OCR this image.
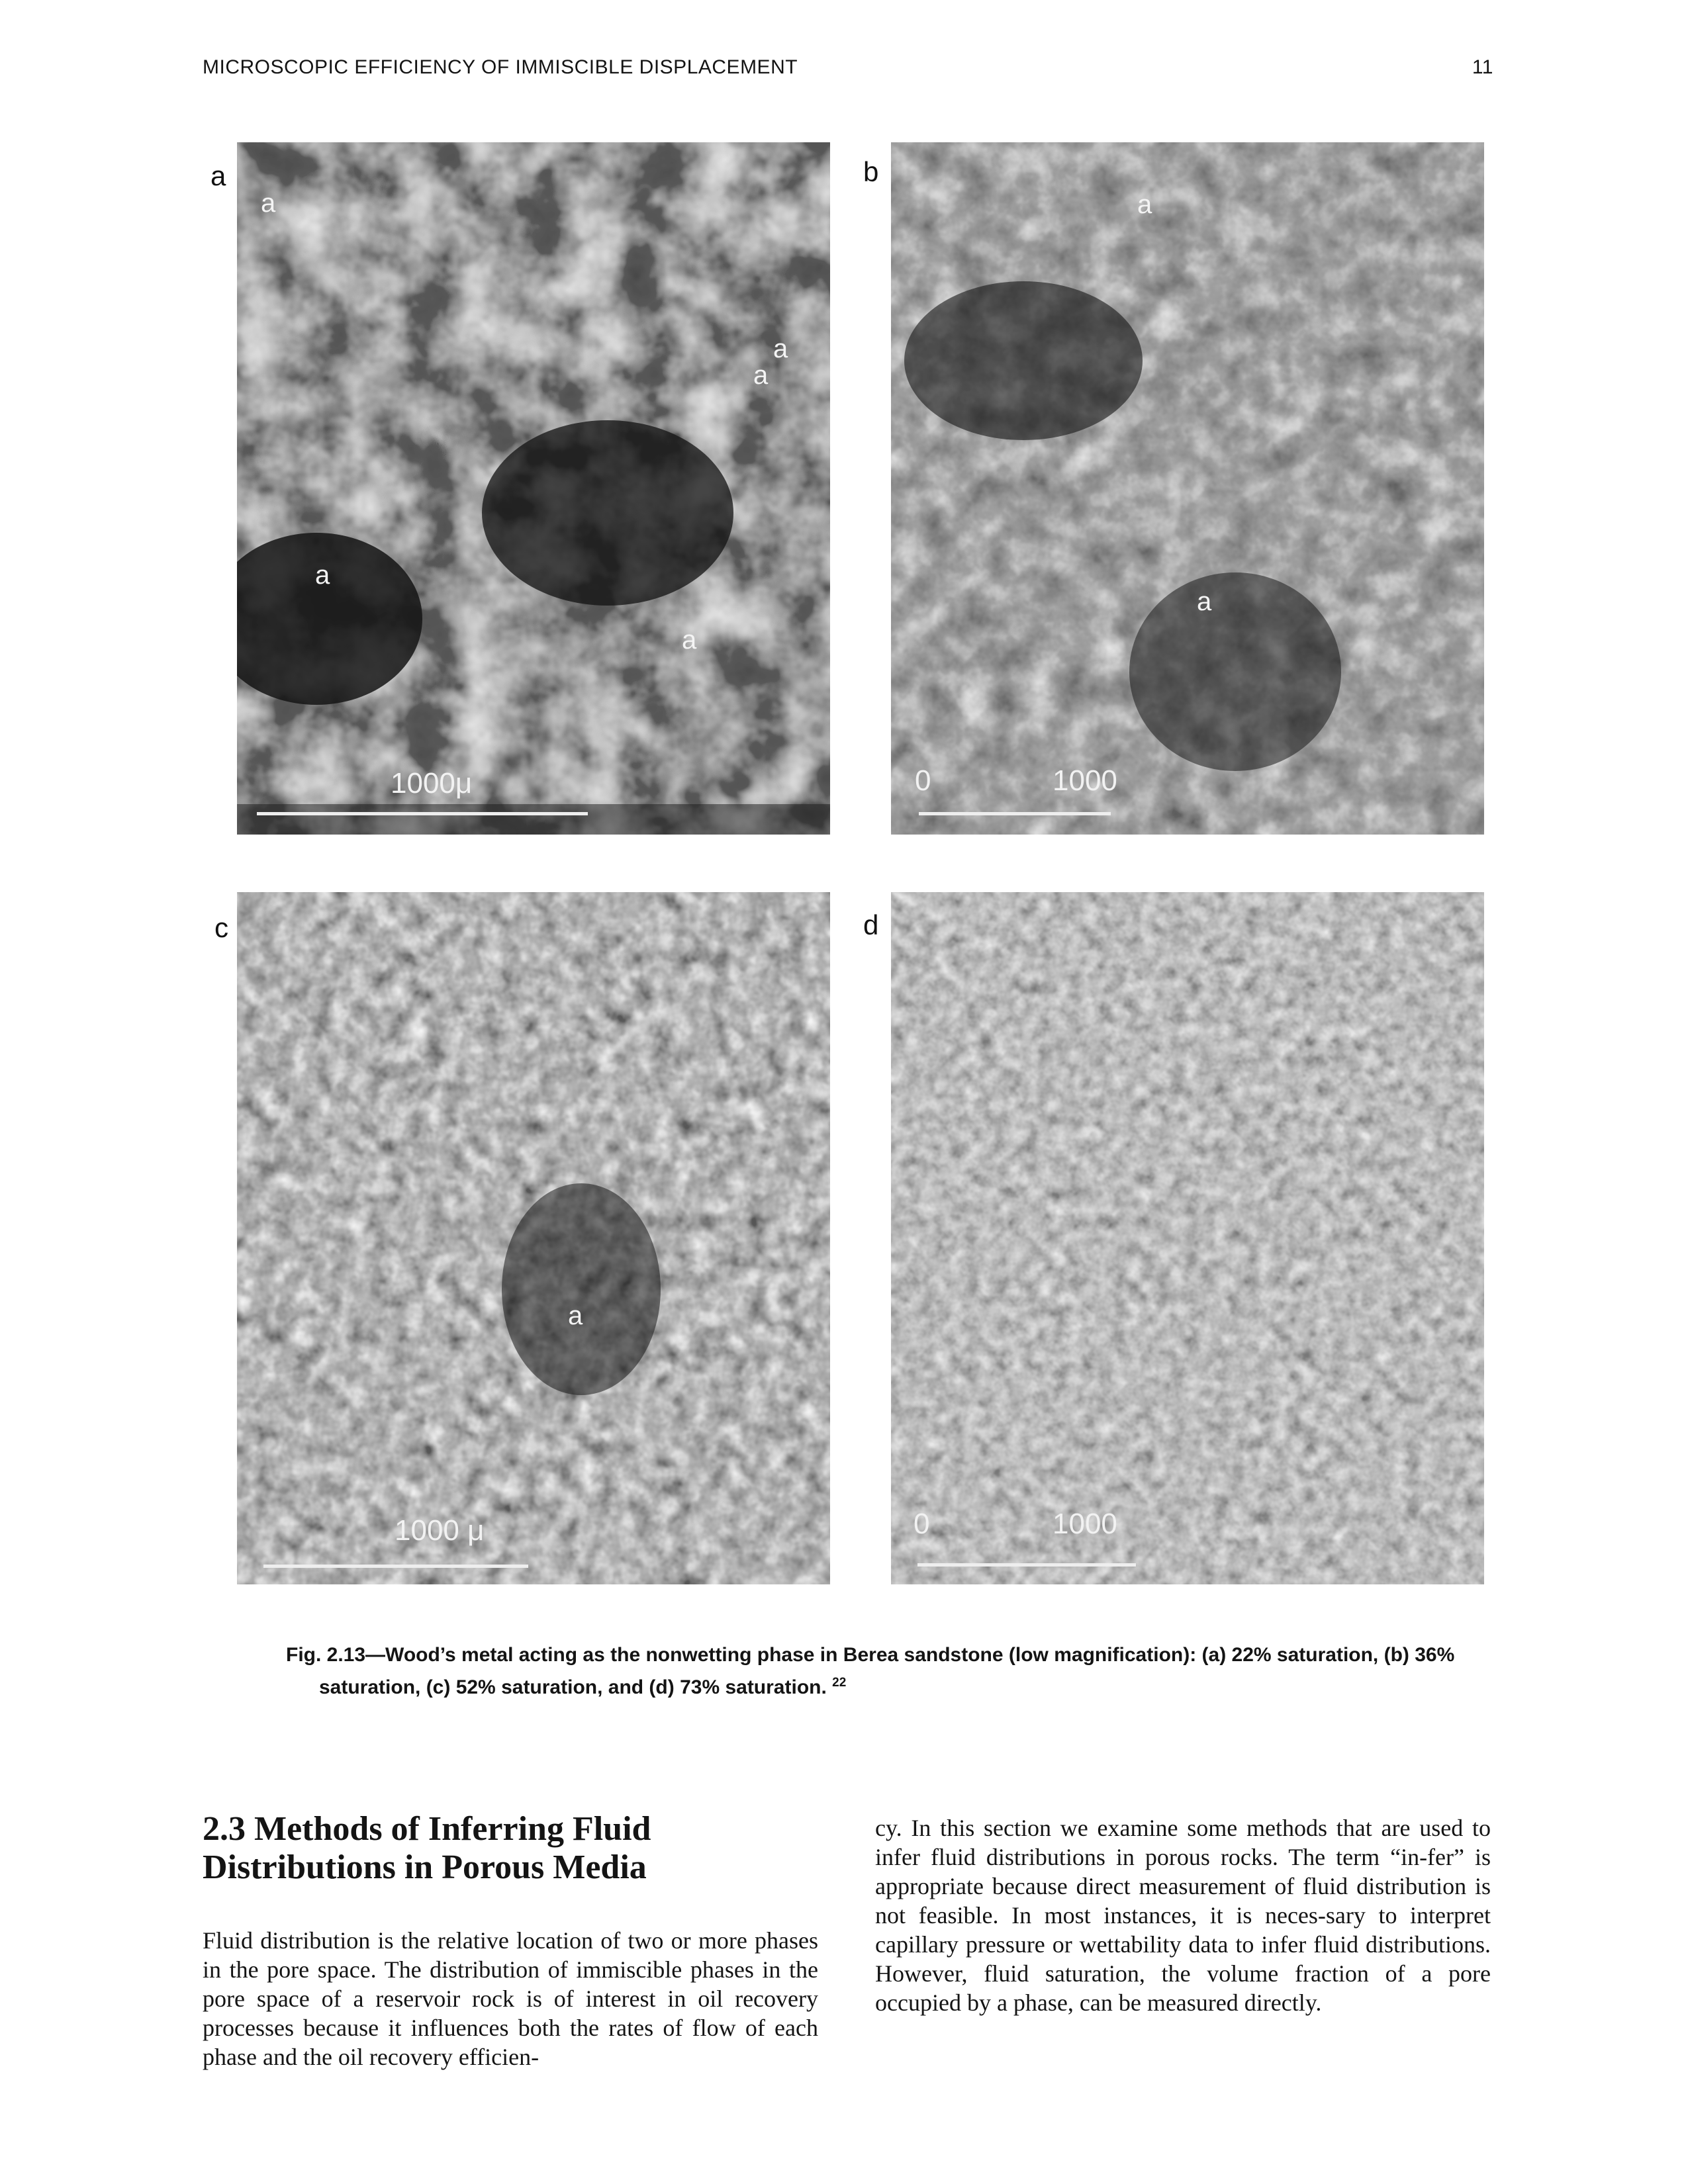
MICROSCOPIC EFFICIENCY OF IMMISCIBLE DISPLACEMENT	11
a	b
c	d
a
a
a
a
a
1000μ
a
a
0	1000
a
1000 μ	0	1000
Fig. 2.13—Wood’s metal acting as the nonwetting phase in Berea sandstone (low magnification): (a) 22% saturation, (b) 36%
saturation, (c) 52% saturation, and (d) 73% saturation. $^{22}$
2.3 Methods of Inferring Fluid Distributions in Porous Media
Fluid distribution is the relative location of two or more phases in the pore space. The distribution of immiscible phases in the pore space of a reservoir rock is of interest in oil recovery processes because it influences both the rates of flow of each phase and the oil recovery efficien-
cy. In this section we examine some methods that are used to infer fluid distributions in porous rocks. The term “in-fer” is appropriate because direct measurement of fluid distribution is not feasible. In most instances, it is neces-sary to interpret capillary pressure or wettability data to infer fluid distributions. However, fluid saturation, the volume fraction of a pore occupied by a phase, can be measured directly.
